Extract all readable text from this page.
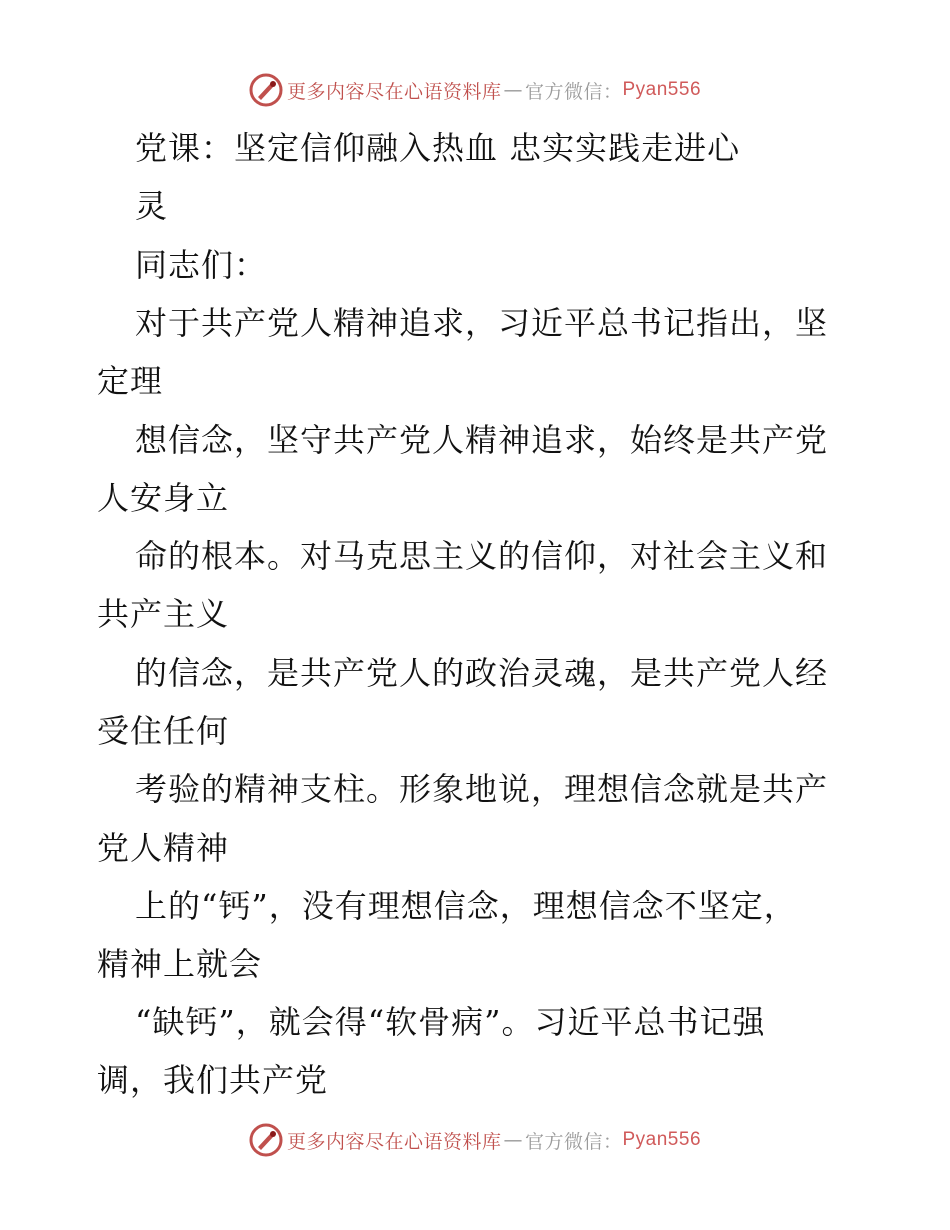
更多内容尽在心语资料库 — 官方微信： Pyan556
党课：坚定信仰融入热血 忠实实践走进心
灵
同志们：
对于共产党人精神追求，习近平总书记指出，坚
定理
想信念，坚守共产党人精神追求，始终是共产党
人安身立
命的根本。对马克思主义的信仰，对社会主义和
共产主义
的信念，是共产党人的政治灵魂，是共产党人经
受住任何
考验的精神支柱。形象地说，理想信念就是共产
党人精神
上的“钙”，没有理想信念，理想信念不坚定，
精神上就会
“缺钙”，就会得“软骨病”。习近平总书记强
调，我们共产党
更多内容尽在心语资料库 — 官方微信： Pyan556
